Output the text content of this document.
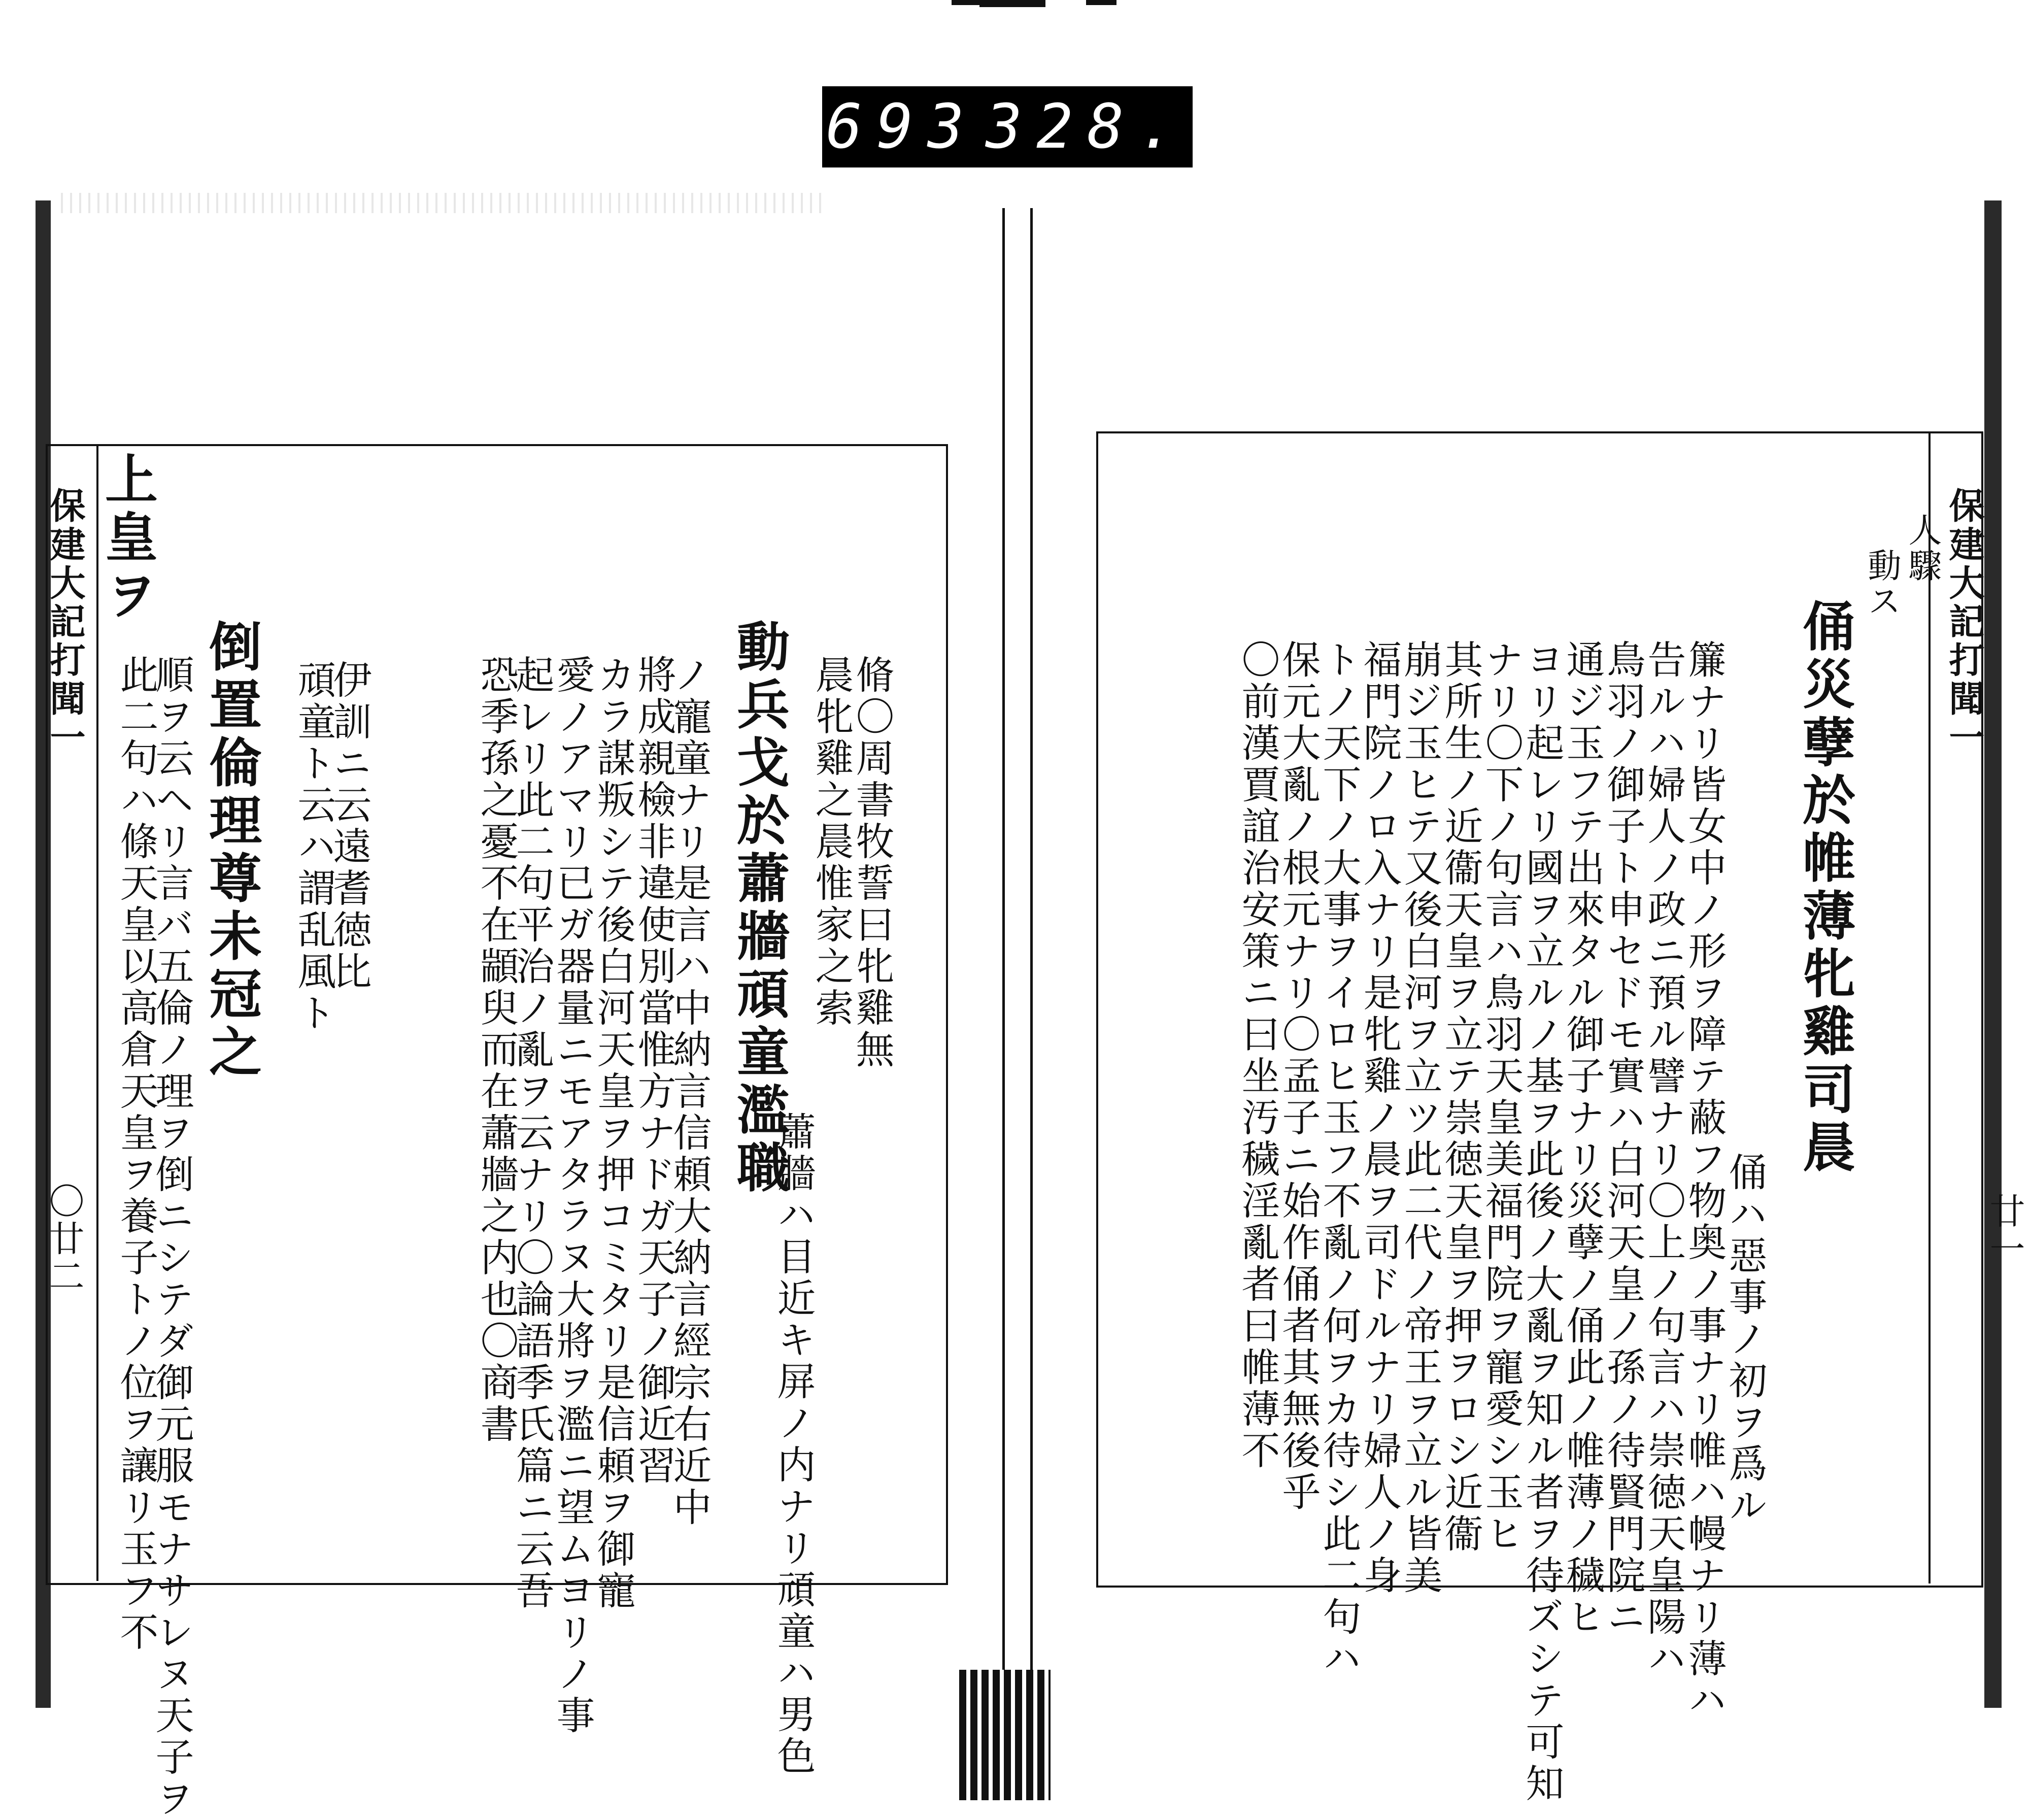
693 328.
保建大記打聞一
〇廿二
上皇ヲ
此二句ハ條天皇以高倉天皇ヲ養子トノ位ヲ讓リ玉フ不
順ヲ云ヘリ言バ五倫ノ理ヲ倒ニシテダ御元服モナサレヌ天子ヲ 倒置倫理尊未冠之 頑童ト云ハ謂乱風ト
伊訓ニ云遠耆徳比	晨牝雞之晨惟家之索
脩〇周書牧誓曰牝雞無
動兵戈於蕭牆頑童濫職
ノ寵童ナリ是言ハ中納言信頼大納言經宗右近中
將成親檢非違使別當惟方ナドガ天子ノ御近習
カラ謀叛シテ後白河天皇ヲ押コミタリ是信頼ヲ御寵
愛ノアマリ已ガ器量ニモアタラヌ大將ヲ濫ニ望ムヨリノ事
起レリ此二句平治ノ亂ヲ云ナリ〇論語季氏篇ニ云吾
恐季孫之憂不在顓臾而在蕭牆之内也〇商書	蕭牆ハ目近キ屏ノ内ナリ頑童ハ男色
保建大記打聞一
廿一
人驟
動ス
俑災孽於帷薄牝雞司晨
俑ハ惡事ノ初ヲ爲ル
簾ナリ皆女中ノ形ヲ障テ蔽フ物奥ノ事ナリ帷ハ幔ナリ薄ハ
告ルハ婦人ノ政ニ預ル譬ナリ〇上ノ句言ハ崇徳天皇陽ハ
鳥羽ノ御子ト申セドモ實ハ白河天皇ノ孫ノ待賢門院ニ
通ジ玉フテ出來タル御子ナリ災孽ノ俑此ノ帷薄ノ穢ヒ
ヨリ起レリ國ヲ立ルノ基ヲ此後ノ大亂ヲ知ル者ヲ待ズシテ可知
ナリ〇下ノ句言ハ鳥羽天皇美福門院ヲ寵愛シ玉ヒ
其所生ノ近衞天皇ヲ立テ崇徳天皇ヲ押ヲロシ近衞
崩ジ玉ヒテ又後白河ヲ立ツ此二代ノ帝王ヲ立ル皆美
福門院ノロ入ナリ是牝雞ノ晨ヲ司ドルナリ婦人ノ身
トノ天下ノ大事ヲイロヒ玉フ不亂ノ何ヲカ待シ此二句ハ
保元大亂ノ根元ナリ〇孟子ニ始作俑者其無後乎
〇前漢賈誼治安策ニ曰坐汚穢淫亂者曰帷薄不
